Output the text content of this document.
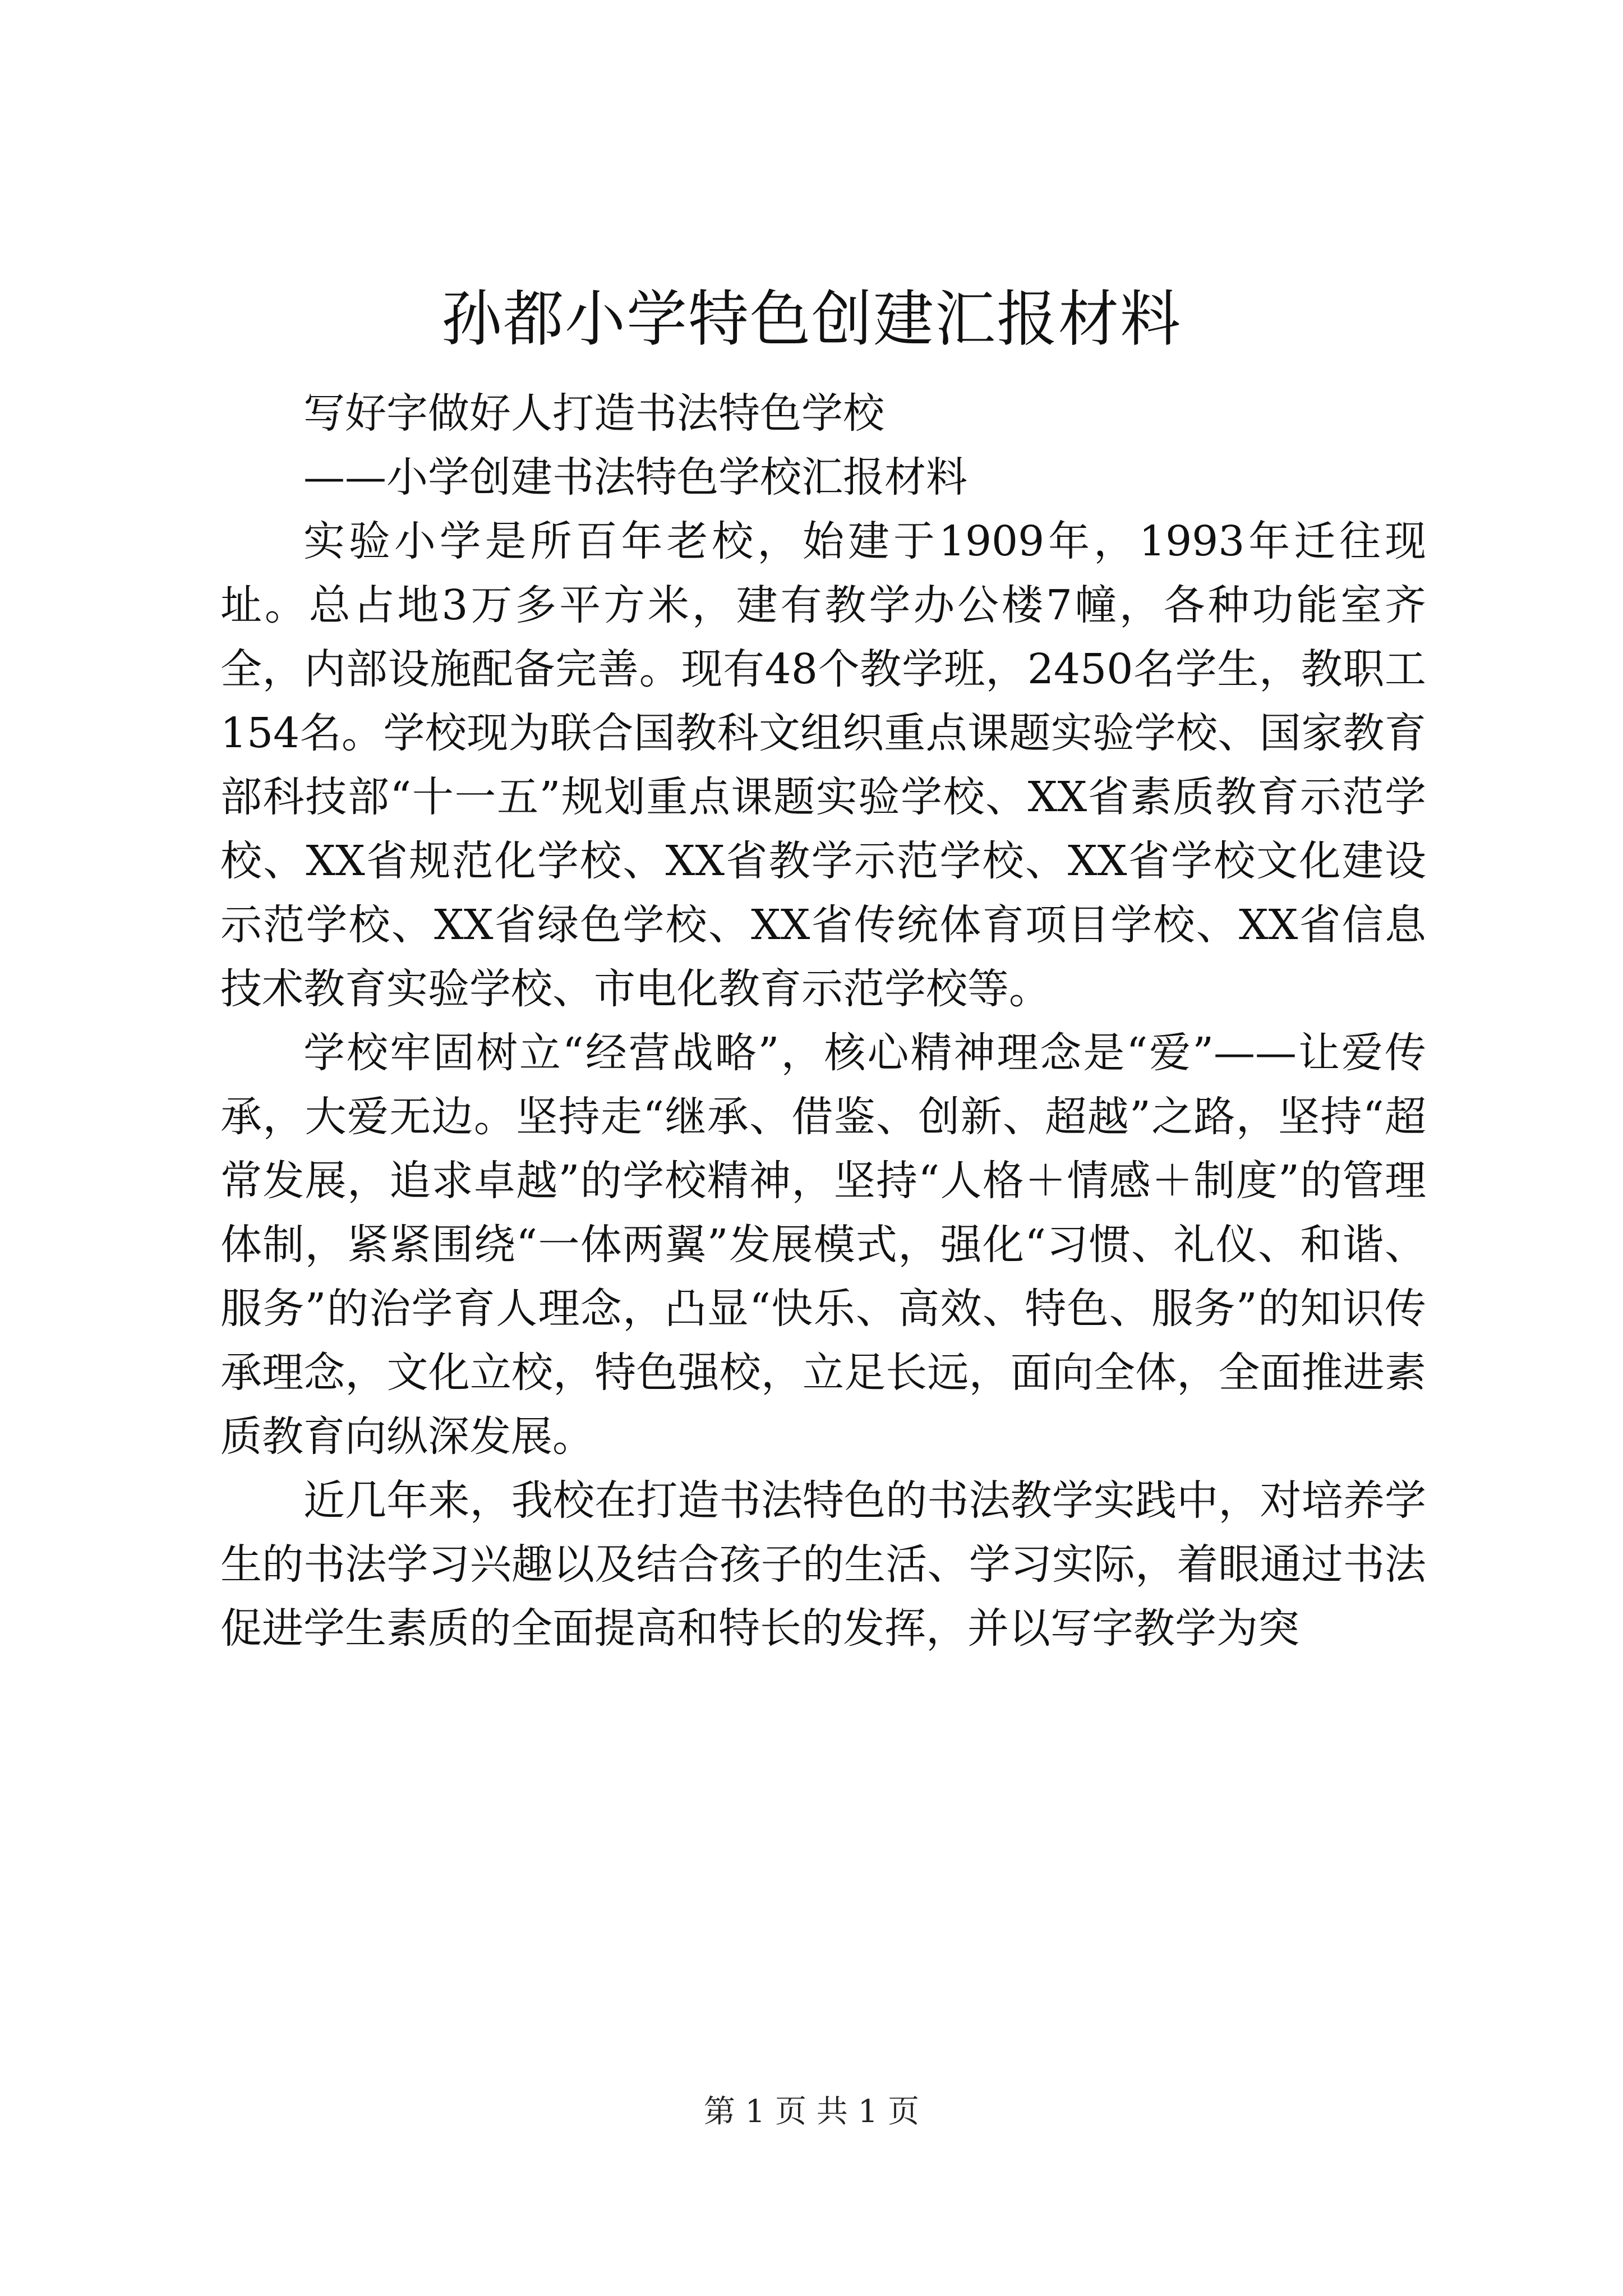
孙都小学特色创建汇报材料

写好字做好人打造书法特色学校

——小学创建书法特色学校汇报材料

实验小学是所百年老校，始建于1909年，1993年迁往现址。总占地3万多平方米，建有教学办公楼7幢，各种功能室齐全，内部设施配备完善。现有48个教学班，2450名学生，教职工154名。学校现为联合国教科文组织重点课题实验学校、国家教育部科技部“十一五”规划重点课题实验学校、XX省素质教育示范学校、XX省规范化学校、XX省教学示范学校、XX省学校文化建设示范学校、XX省绿色学校、XX省传统体育项目学校、XX省信息技术教育实验学校、市电化教育示范学校等。

学校牢固树立“经营战略”，核心精神理念是“爱”——让爱传承，大爱无边。坚持走“继承、借鉴、创新、超越”之路，坚持“超常发展，追求卓越”的学校精神，坚持“人格＋情感＋制度”的管理体制，紧紧围绕“一体两翼”发展模式，强化“习惯、礼仪、和谐、服务”的治学育人理念，凸显“快乐、高效、特色、服务”的知识传承理念，文化立校，特色强校，立足长远，面向全体，全面推进素质教育向纵深发展。

近几年来，我校在打造书法特色的书法教学实践中，对培养学生的书法学习兴趣以及结合孩子的生活、学习实际，着眼通过书法促进学生素质的全面提高和特长的发挥，并以写字教学为突

第 1 页 共 1 页
